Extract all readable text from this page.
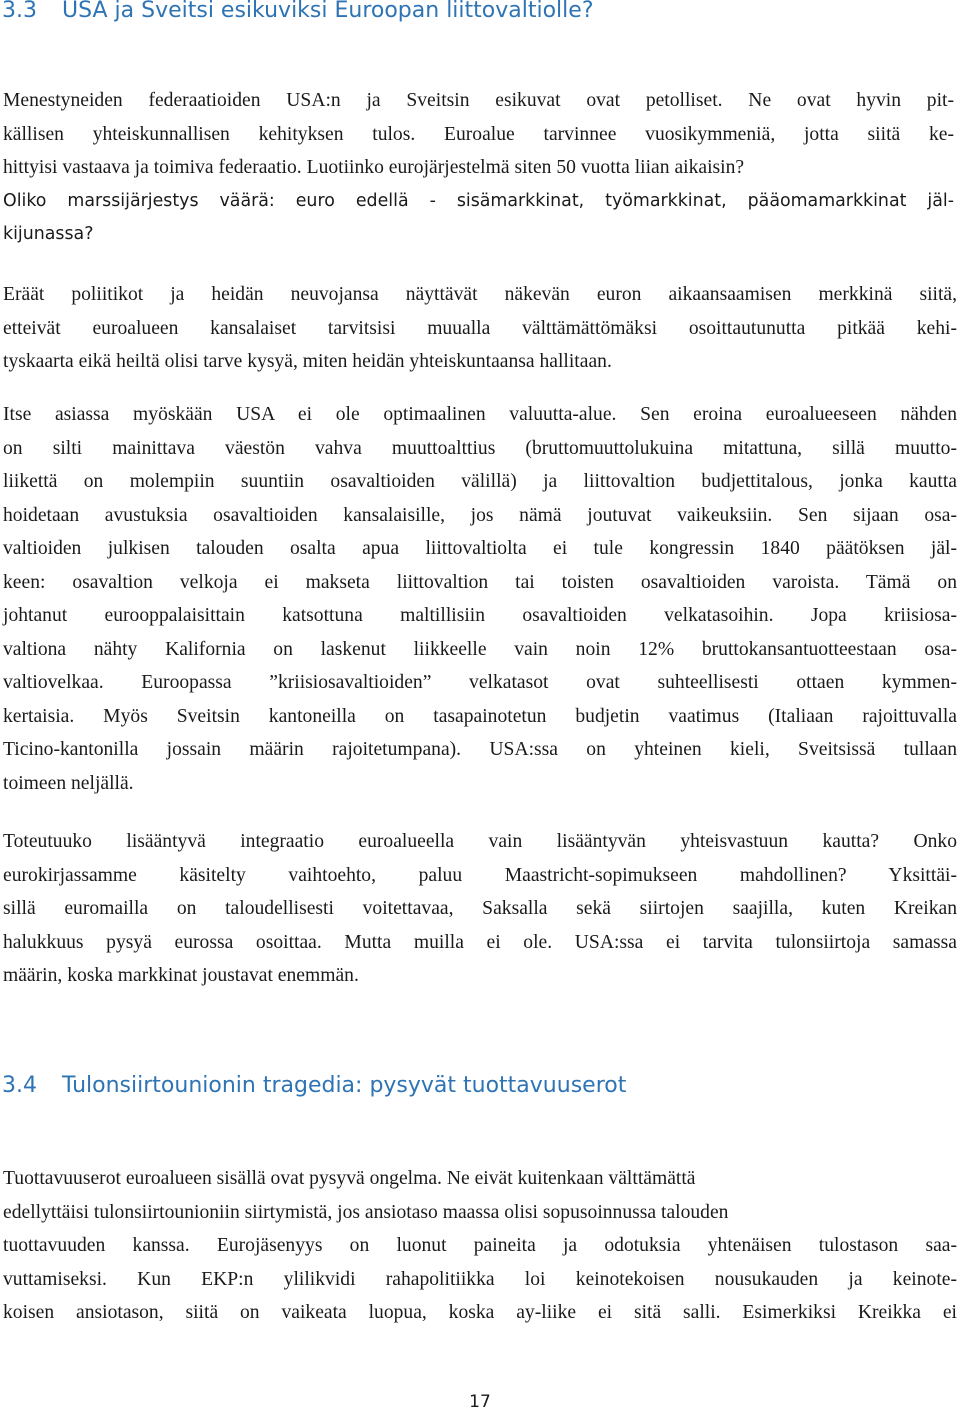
3.3 USA ja Sveitsi esikuviksi Euroopan liittovaltiolle?
Menestyneiden federaatioiden USA:n ja Sveitsin esikuvat ovat petolliset. Ne ovat hyvin pit-
källisen yhteiskunnallisen kehityksen tulos. Euroalue tarvinnee vuosikymmeniä, jotta siitä ke-
hittyisi vastaava ja toimiva federaatio. Luotiinko eurojärjestelmä siten 50 vuotta liian aikaisin?
Oliko marssijärjestys väärä: euro edellä - sisämarkkinat, työmarkkinat, pääomamarkkinat jäl-
kijunassa?
Eräät poliitikot ja heidän neuvojansa näyttävät näkevän euron aikaansaamisen merkkinä siitä,
etteivät euroalueen kansalaiset tarvitsisi muualla välttämättömäksi osoittautunutta pitkää kehi-
tyskaarta eikä heiltä olisi tarve kysyä, miten heidän yhteiskuntaansa hallitaan.
Itse asiassa myöskään USA ei ole optimaalinen valuutta-alue. Sen eroina euroalueeseen nähden
on silti mainittava väestön vahva muuttoalttius (bruttomuuttolukuina mitattuna, sillä muutto-
liikettä on molempiin suuntiin osavaltioiden välillä) ja liittovaltion budjettitalous, jonka kautta
hoidetaan avustuksia osavaltioiden kansalaisille, jos nämä joutuvat vaikeuksiin. Sen sijaan osa-
valtioiden julkisen talouden osalta apua liittovaltiolta ei tule kongressin 1840 päätöksen jäl-
keen: osavaltion velkoja ei makseta liittovaltion tai toisten osavaltioiden varoista. Tämä on
johtanut eurooppalaisittain katsottuna maltillisiin osavaltioiden velkatasoihin. Jopa kriisiosa-
valtiona nähty Kalifornia on laskenut liikkeelle vain noin 12% bruttokansantuotteestaan osa-
valtiovelkaa. Euroopassa ”kriisiosavaltioiden” velkatasot ovat suhteellisesti ottaen kymmen-
kertaisia. Myös Sveitsin kantoneilla on tasapainotetun budjetin vaatimus (Italiaan rajoittuvalla
Ticino-kantonilla jossain määrin rajoitetumpana). USA:ssa on yhteinen kieli, Sveitsissä tullaan
toimeen neljällä.
Toteutuuko lisääntyvä integraatio euroalueella vain lisääntyvän yhteisvastuun kautta? Onko
eurokirjassamme käsitelty vaihtoehto, paluu Maastricht-sopimukseen mahdollinen? Yksittäi-
sillä euromailla on taloudellisesti voitettavaa, Saksalla sekä siirtojen saajilla, kuten Kreikan
halukkuus pysyä eurossa osoittaa. Mutta muilla ei ole. USA:ssa ei tarvita tulonsiirtoja samassa
määrin, koska markkinat joustavat enemmän.
3.4 Tulonsiirtounionin tragedia: pysyvät tuottavuuserot
Tuottavuuserot euroalueen sisällä ovat pysyvä ongelma. Ne eivät kuitenkaan välttämättä
edellyttäisi tulonsiirtounioniin siirtymistä, jos ansiotaso maassa olisi sopusoinnussa talouden
tuottavuuden kanssa. Eurojäsenyys on luonut paineita ja odotuksia yhtenäisen tulostason saa-
vuttamiseksi. Kun EKP:n ylilikvidi rahapolitiikka loi keinotekoisen nousukauden ja keinote-
koisen ansiotason, siitä on vaikeata luopua, koska ay-liike ei sitä salli. Esimerkiksi Kreikka ei
17
